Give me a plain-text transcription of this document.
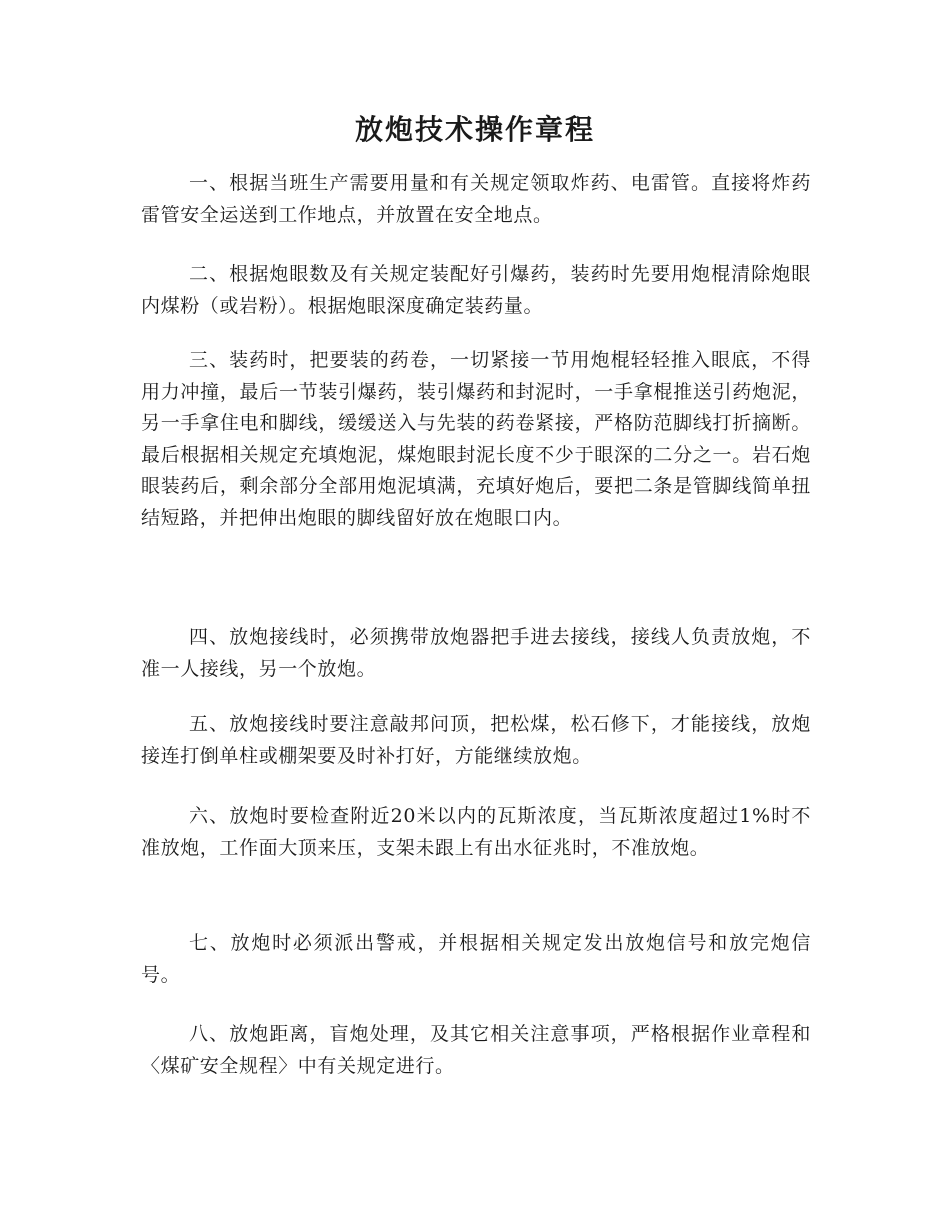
放炮技术操作章程

一、根据当班生产需要用量和有关规定领取炸药、电雷管。直接将炸药雷管安全运送到工作地点，并放置在安全地点。

二、根据炮眼数及有关规定装配好引爆药，装药时先要用炮棍清除炮眼内煤粉（或岩粉）。根据炮眼深度确定装药量。

三、装药时，把要装的药卷，一切紧接一节用炮棍轻轻推入眼底，不得用力冲撞，最后一节装引爆药，装引爆药和封泥时，一手拿棍推送引药炮泥，另一手拿住电和脚线，缓缓送入与先装的药卷紧接，严格防范脚线打折摘断。最后根据相关规定充填炮泥，煤炮眼封泥长度不少于眼深的二分之一。岩石炮眼装药后，剩余部分全部用炮泥填满，充填好炮后，要把二条是管脚线简单扭结短路，并把伸出炮眼的脚线留好放在炮眼口内。

四、放炮接线时，必须携带放炮器把手进去接线，接线人负责放炮，不准一人接线，另一个放炮。

五、放炮接线时要注意敲邦问顶，把松煤，松石修下，才能接线，放炮接连打倒单柱或棚架要及时补打好，方能继续放炮。

六、放炮时要检查附近20米以内的瓦斯浓度，当瓦斯浓度超过1%时不准放炮，工作面大顶来压，支架未跟上有出水征兆时，不准放炮。

七、放炮时必须派出警戒，并根据相关规定发出放炮信号和放完炮信号。

八、放炮距离，盲炮处理，及其它相关注意事项，严格根据作业章程和〈煤矿安全规程〉中有关规定进行。
